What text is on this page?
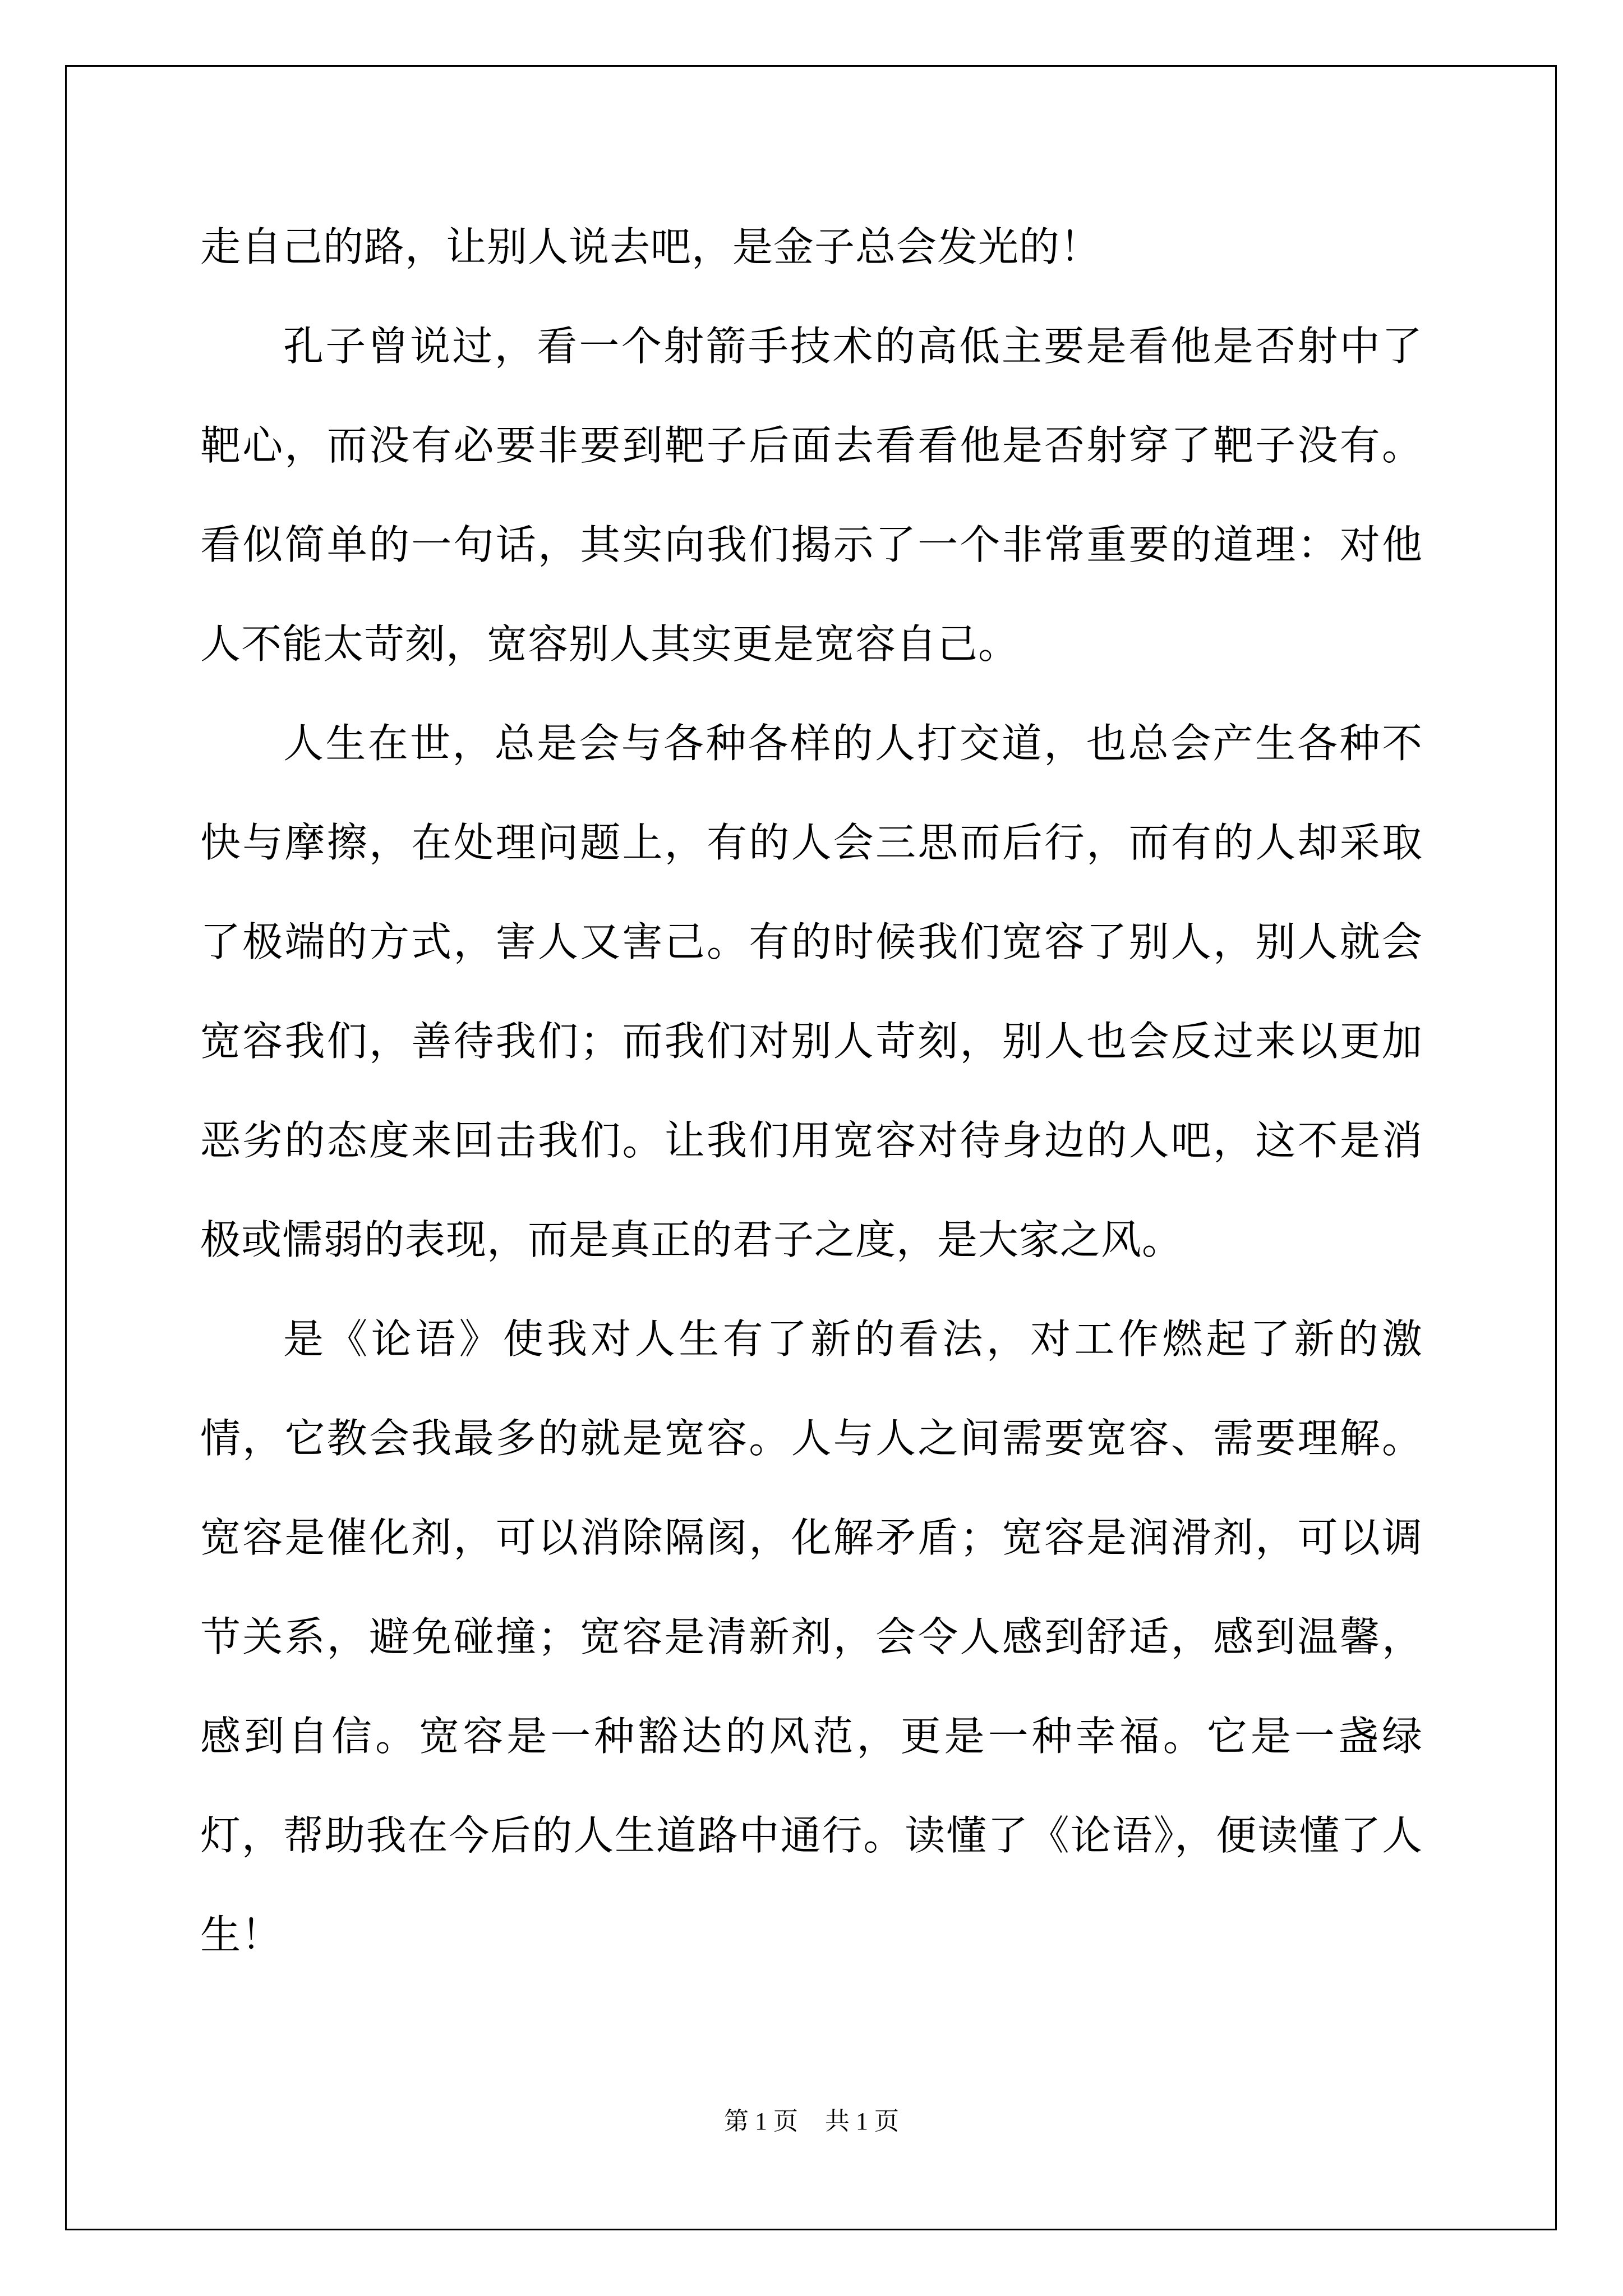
走自己的路，让别人说去吧，是金子总会发光的！

孔子曾说过，看一个射箭手技术的高低主要是看他是否射中了靶心，而没有必要非要到靶子后面去看看他是否射穿了靶子没有。看似简单的一句话，其实向我们揭示了一个非常重要的道理：对他人不能太苛刻，宽容别人其实更是宽容自己。

人生在世，总是会与各种各样的人打交道，也总会产生各种不快与摩擦，在处理问题上，有的人会三思而后行，而有的人却采取了极端的方式，害人又害己。有的时候我们宽容了别人，别人就会宽容我们，善待我们；而我们对别人苛刻，别人也会反过来以更加恶劣的态度来回击我们。让我们用宽容对待身边的人吧，这不是消极或懦弱的表现，而是真正的君子之度，是大家之风。

是《论语》使我对人生有了新的看法，对工作燃起了新的激情，它教会我最多的就是宽容。人与人之间需要宽容、需要理解。宽容是催化剂，可以消除隔阂，化解矛盾；宽容是润滑剂，可以调节关系，避免碰撞；宽容是清新剂，会令人感到舒适，感到温馨，感到自信。宽容是一种豁达的风范，更是一种幸福。它是一盏绿灯，帮助我在今后的人生道路中通行。读懂了《论语》，便读懂了人生！

第 1 页 共 1 页
